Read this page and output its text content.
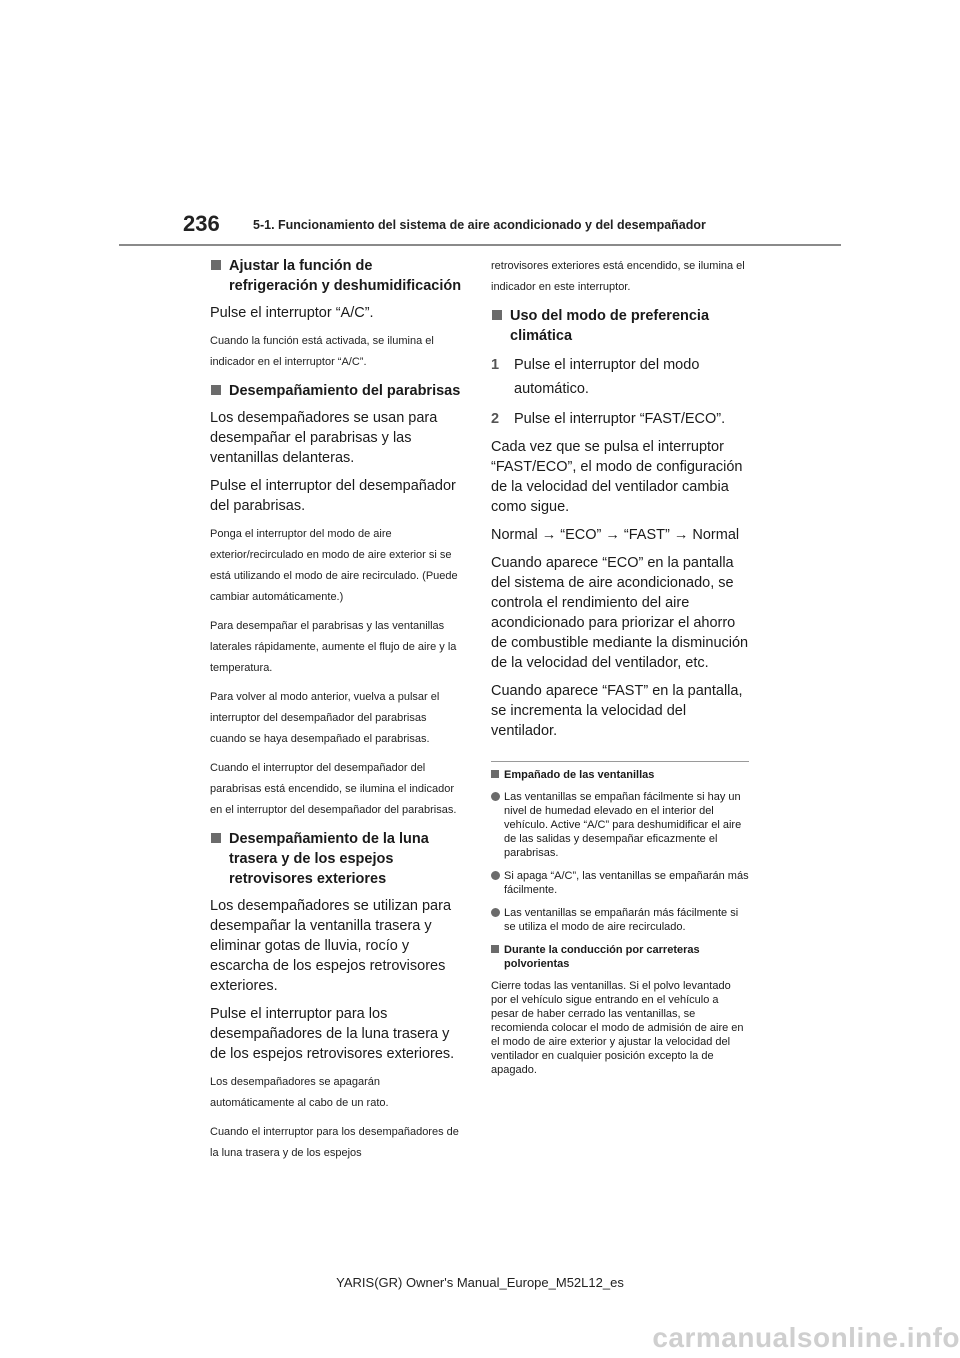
236	5-1. Funcionamiento del sistema de aire acondicionado y del desempañador
Ajustar la función de refrigeración y deshumidificación

Pulse el interruptor “A/C”.

Cuando la función está activada, se ilumina el indicador en el interruptor “A/C”.

Desempañamiento del parabrisas

Los desempañadores se usan para desempañar el parabrisas y las ventanillas delanteras.

Pulse el interruptor del desempañador del parabrisas.

Ponga el interruptor del modo de aire exterior/recirculado en modo de aire exterior si se está utilizando el modo de aire recirculado. (Puede cambiar automáticamente.)

Para desempañar el parabrisas y las ventanillas laterales rápidamente, aumente el flujo de aire y la temperatura.

Para volver al modo anterior, vuelva a pulsar el interruptor del desempañador del parabrisas cuando se haya desempañado el parabrisas.

Cuando el interruptor del desempañador del parabrisas está encendido, se ilumina el indicador en el interruptor del desempañador del parabrisas.

Desempañamiento de la luna trasera y de los espejos retrovisores exteriores

Los desempañadores se utilizan para desempañar la ventanilla trasera y eliminar gotas de lluvia, rocío y escarcha de los espejos retrovisores exteriores.

Pulse el interruptor para los desempañadores de la luna trasera y de los espejos retrovisores exteriores.

Los desempañadores se apagarán automáticamente al cabo de un rato.

Cuando el interruptor para los desempañadores de la luna trasera y de los espejos

retrovisores exteriores está encendido, se ilumina el indicador en este interruptor.

Uso del modo de preferencia climática
1 Pulse el interruptor del modo automático.
2 Pulse el interruptor “FAST/ECO”.

Cada vez que se pulsa el interruptor “FAST/ECO”, el modo de configuración de la velocidad del ventilador cambia como sigue.

Normal → “ECO” → “FAST” → Normal

Cuando aparece “ECO” en la pantalla del sistema de aire acondicionado, se controla el rendimiento del aire acondicionado para priorizar el ahorro de combustible mediante la disminución de la velocidad del ventilador, etc.

Cuando aparece “FAST” en la pantalla, se incrementa la velocidad del ventilador.

Empañado de las ventanillas
Las ventanillas se empañan fácilmente si hay un nivel de humedad elevado en el interior del vehículo. Active “A/C” para deshumidificar el aire de las salidas y desempañar eficazmente el parabrisas.
Si apaga “A/C”, las ventanillas se empañarán más fácilmente.
Las ventanillas se empañarán más fácilmente si se utiliza el modo de aire recirculado.
Durante la conducción por carreteras polvorientas

Cierre todas las ventanillas. Si el polvo levantado por el vehículo sigue entrando en el vehículo a pesar de haber cerrado las ventanillas, se recomienda colocar el modo de admisión de aire en el modo de aire exterior y ajustar la velocidad del ventilador en cualquier posición excepto la de apagado.

YARIS(GR) Owner's Manual_Europe_M52L12_es
carmanualsonline.info
